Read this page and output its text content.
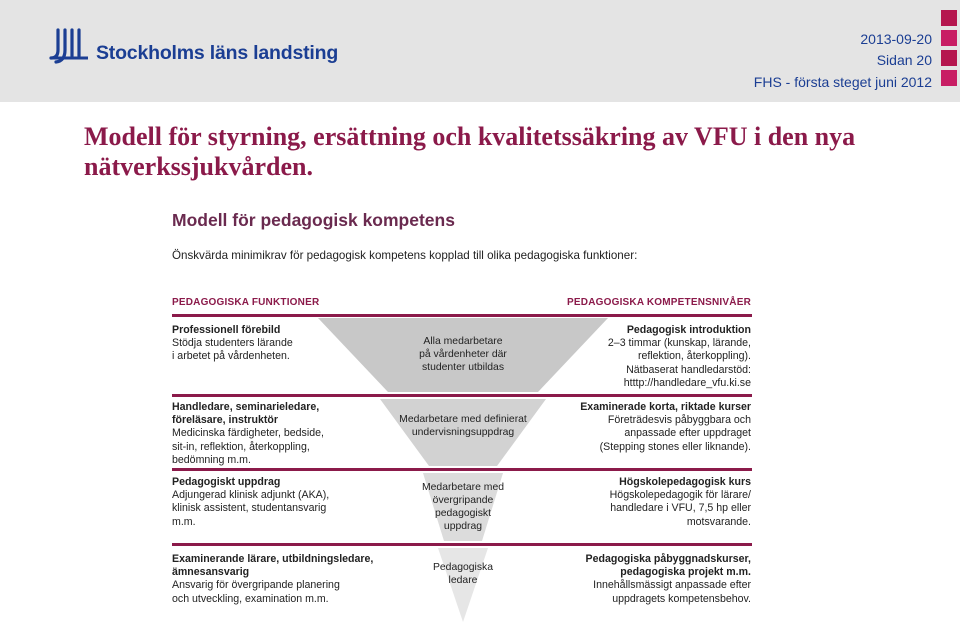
Stockholms läns landsting
2013-09-20
Sidan 20
FHS - första steget juni 2012
Modell för styrning, ersättning och kvalitetssäkring av VFU i den nya nätverkssjukvården.
Modell för pedagogisk kompetens
Önskvärda minimikrav för pedagogisk kompetens kopplad till olika pedagogiska funktioner:
PEDAGOGISKA FUNKTIONER	PEDAGOGISKA KOMPETENSNIVÅER
Professionell förebild
Stödja studenters lärande
i arbetet på vårdenheten.
Alla medarbetare
på vårdenheter där
studenter utbildas
Pedagogisk introduktion
2–3 timmar (kunskap, lärande,
reflektion, återkoppling).
Nätbaserat handledarstöd:
htttp://handledare_vfu.ki.se
Handledare, seminarieledare, föreläsare, instruktör
Medicinska färdigheter, bedside,
sit-in, reflektion, återkoppling,
bedömning m.m.
Medarbetare med definierat
undervisningsuppdrag
Examinerade korta, riktade kurser
Företrädesvis påbyggbara och
anpassade efter uppdraget
(Stepping stones eller liknande).
Pedagogiskt uppdrag
Adjungerad klinisk adjunkt (AKA),
klinisk assistent, studentansvarig
m.m.
Medarbetare med
övergripande
pedagogiskt
uppdrag
Högskolepedagogisk kurs
Högskolepedagogik för lärare/
handledare i VFU, 7,5 hp eller
motsvarande.
Examinerande lärare, utbildningsledare, ämnesansvarig
Ansvarig för övergripande planering
och utveckling, examination m.m.
Pedagogiska
ledare
Pedagogiska påbyggnadskurser, pedagogiska projekt m.m.
Innehållsmässigt anpassade efter
uppdragets kompetensbehov.
